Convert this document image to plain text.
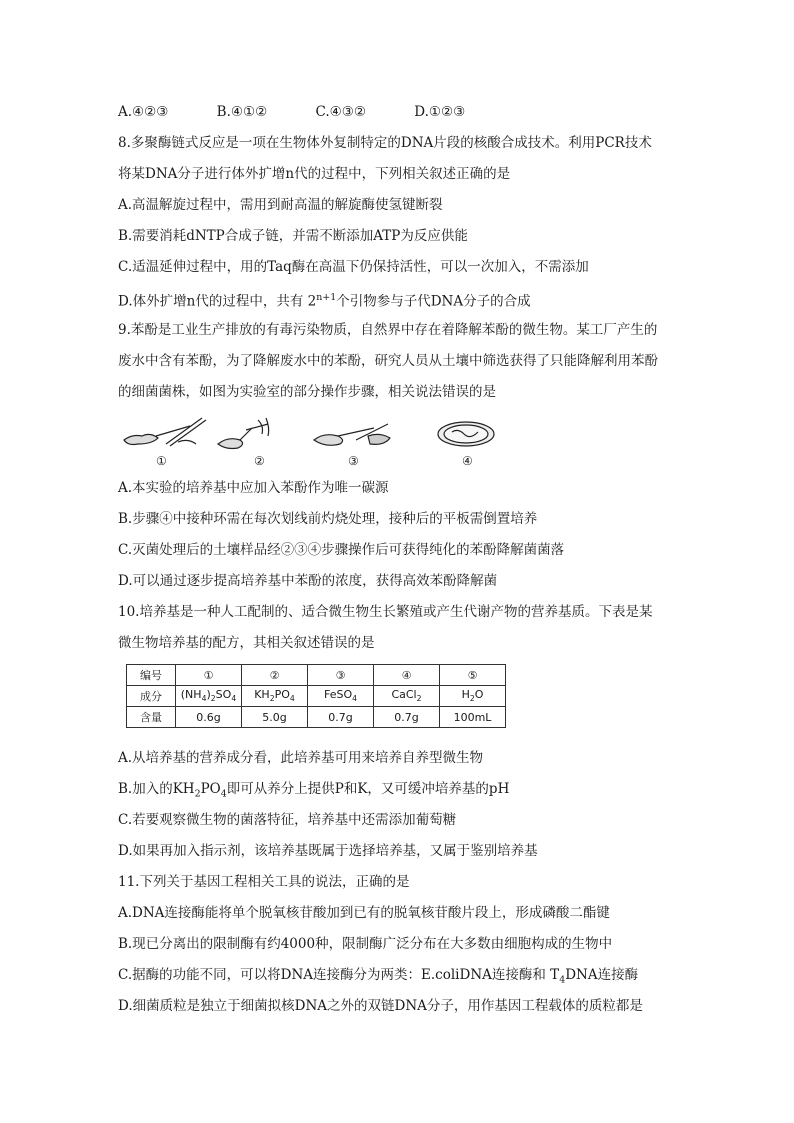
A.④②③	B.④①②	C.④③②	D.①②③
8.多聚酶链式反应是一项在生物体外复制特定的DNA片段的核酸合成技术。利用PCR技术
将某DNA分子进行体外扩增n代的过程中，下列相关叙述正确的是
A.高温解旋过程中，需用到耐高温的解旋酶使氢键断裂
B.需要消耗dNTP合成子链，并需不断添加ATP为反应供能
C.适温延伸过程中，用的Taq酶在高温下仍保持活性，可以一次加入，不需添加
D.体外扩增n代的过程中，共有 $2^{n+1}$个引物参与子代DNA分子的合成
9.苯酚是工业生产排放的有毒污染物质，自然界中存在着降解苯酚的微生物。某工厂产生的
废水中含有苯酚，为了降解废水中的苯酚，研究人员从土壤中筛选获得了只能降解利用苯酚
的细菌菌株，如图为实验室的部分操作步骤，相关说法错误的是
①	②	③	④
A.本实验的培养基中应加入苯酚作为唯一碳源
B.步骤④中接种环需在每次划线前灼烧处理，接种后的平板需倒置培养
C.灭菌处理后的土壤样品经②③④步骤操作后可获得纯化的苯酚降解菌菌落
D.可以通过逐步提高培养基中苯酚的浓度，获得高效苯酚降解菌
10.培养基是一种人工配制的、适合微生物生长繁殖或产生代谢产物的营养基质。下表是某
微生物培养基的配方，其相关叙述错误的是
编号	①	②	③	④	⑤
成分	$(NH_4)_2SO_4$	$KH_2PO_4$	FeSO$_4$	CaCl$_2$	$H_2O$
含量	0.6g	5.0g	0.7g	0.7g	100mL
A.从培养基的营养成分看，此培养基可用来培养自养型微生物
B.加入的$KH_2PO_4$即可从养分上提供P和K，又可缓冲培养基的pH
C.若要观察微生物的菌落特征，培养基中还需添加葡萄糖
D.如果再加入指示剂，该培养基既属于选择培养基，又属于鉴别培养基
11.下列关于基因工程相关工具的说法，正确的是
A.DNA连接酶能将单个脱氧核苷酸加到已有的脱氧核苷酸片段上，形成磷酸二酯键
B.现已分离出的限制酶有约4000种，限制酶广泛分布在大多数由细胞构成的生物中
C.据酶的功能不同，可以将DNA连接酶分为两类：E.coliDNA连接酶和 $T_4DNA$连接酶
D.细菌质粒是独立于细菌拟核DNA之外的双链DNA分子，用作基因工程载体的质粒都是
